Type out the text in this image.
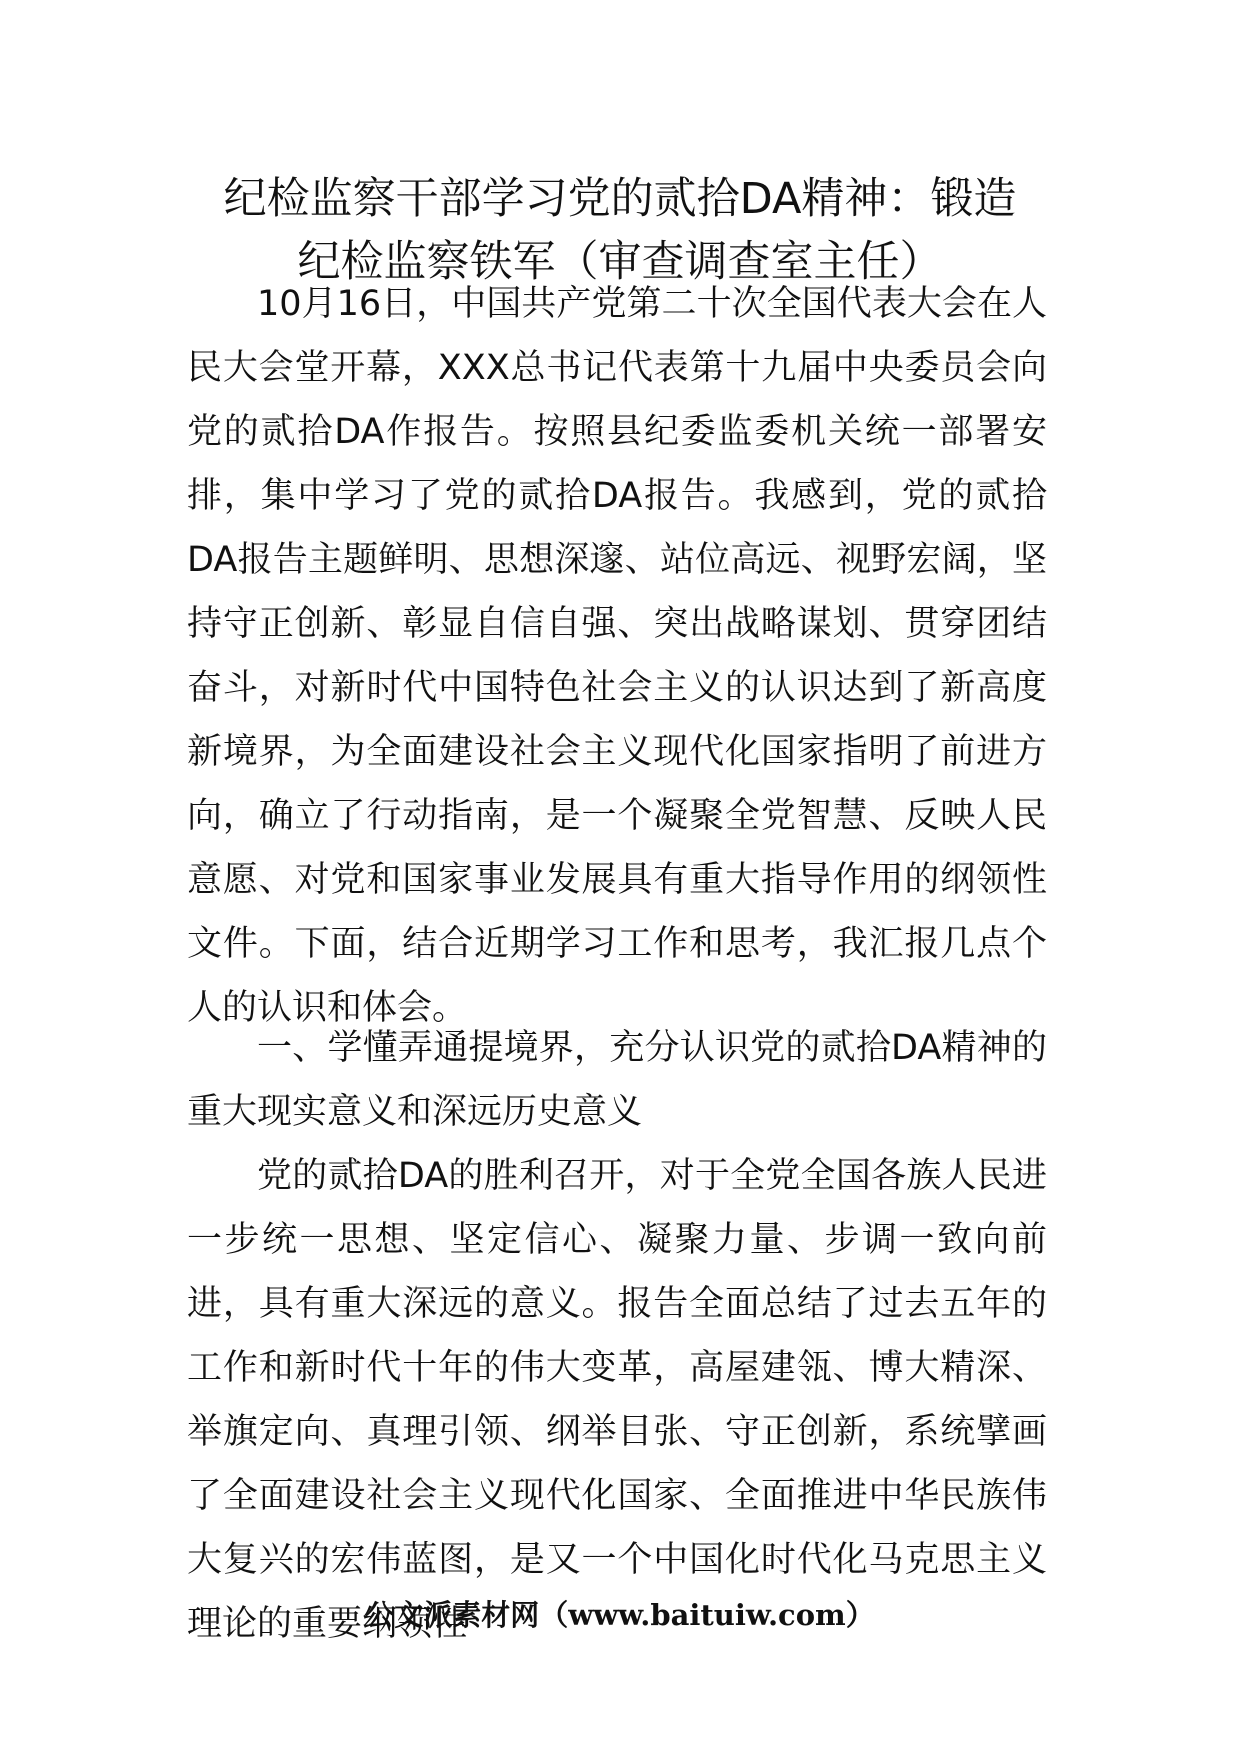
纪检监察干部学习党的贰拾DA精神：锻造
纪检监察铁军（审查调查室主任）

10月16日，中国共产党第二十次全国代表大会在人民大会堂开幕，XXX总书记代表第十九届中央委员会向党的贰拾DA作报告。按照县纪委监委机关统一部署安排，集中学习了党的贰拾DA报告。我感到，党的贰拾DA报告主题鲜明、思想深邃、站位高远、视野宏阔，坚持守正创新、彰显自信自强、突出战略谋划、贯穿团结奋斗，对新时代中国特色社会主义的认识达到了新高度新境界，为全面建设社会主义现代化国家指明了前进方向，确立了行动指南，是一个凝聚全党智慧、反映人民意愿、对党和国家事业发展具有重大指导作用的纲领性文件。下面，结合近期学习工作和思考，我汇报几点个人的认识和体会。

一、学懂弄通提境界，充分认识党的贰拾DA精神的重大现实意义和深远历史意义

党的贰拾DA的胜利召开，对于全党全国各族人民进一步统一思想、坚定信心、凝聚力量、步调一致向前进，具有重大深远的意义。报告全面总结了过去五年的工作和新时代十年的伟大变革，高屋建瓴、博大精深、举旗定向、真理引领、纲举目张、守正创新，系统擘画了全面建设社会主义现代化国家、全面推进中华民族伟大复兴的宏伟蓝图，是又一个中国化时代化马克思主义理论的重要纲领性

公文派素材网（www.baituiw.com）
